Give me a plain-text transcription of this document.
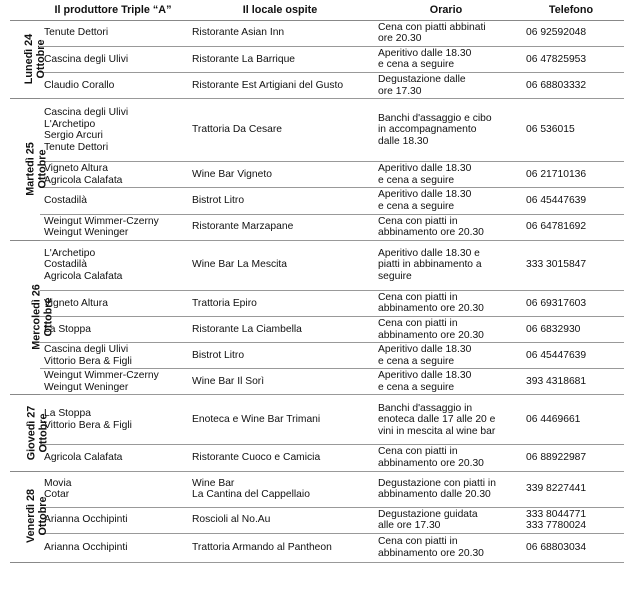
	Il produttore Triple “A”	Il locale ospite	Orario	Telefono

Lunedì 24 Ottobre	Tenute Dettori	Ristorante Asian Inn	Cena con piatti abbinati
ore 20.30	06 92592048

	Cascina degli Ulivi	Ristorante La Barrique	Aperitivo dalle 18.30
e cena a seguire	06 47825953

	Claudio Corallo	Ristorante Est Artigiani del Gusto	Degustazione dalle
ore 17.30	06 68803332

Martedì 25 Ottobre	Cascina degli Ulivi
L'Archetipo
Sergio Arcuri
Tenute Dettori	Trattoria Da Cesare	Banchi d'assaggio e cibo
in accompagnamento
dalle 18.30	06 536015

	Vigneto Altura
Agricola Calafata	Wine Bar Vigneto	Aperitivo dalle 18.30
e cena a seguire	06 21710136

	Costadilà	Bistrot Litro	Aperitivo dalle 18.30
e cena a seguire	06 45447639

	Weingut Wimmer-Czerny
Weingut Weninger	Ristorante Marzapane	Cena con piatti in
abbinamento ore 20.30	06 64781692

Mercoledì 26 Ottobre	L'Archetipo
Costadilà
Agricola Calafata	Wine Bar La Mescita	Aperitivo dalle 18.30 e
piatti in abbinamento a
seguire	333 3015847

	Vigneto Altura	Trattoria Epiro	Cena con piatti in
abbinamento ore 20.30	06 69317603

	La Stoppa	Ristorante La Ciambella	Cena con piatti in
abbinamento ore 20.30	06 6832930

	Cascina degli Ulivi
Vittorio Bera & Figli	Bistrot Litro	Aperitivo dalle 18.30
e cena a seguire	06 45447639

	Weingut Wimmer-Czerny
Weingut Weninger	Wine Bar Il Sorì	Aperitivo dalle 18.30
e cena a seguire	393 4318681

Giovedì 27 Ottobre	La Stoppa
Vittorio Bera & Figli	Enoteca e Wine Bar Trimani	Banchi d'assaggio in
enoteca dalle 17 alle 20 e
vini in mescita al wine bar	06 4469661

	Agricola Calafata	Ristorante Cuoco e Camicia	Cena con piatti in
abbinamento ore 20.30	06 88922987

Venerdì 28 Ottobre	Movia
Cotar	Wine Bar
La Cantina del Cappellaio	Degustazione con piatti in
abbinamento dalle 20.30	339 8227441

	Arianna Occhipinti	Roscioli al No.Au	Degustazione guidata
alle ore 17.30	333 8044771
333 7780024

	Arianna Occhipinti	Trattoria Armando al Pantheon	Cena con piatti in
abbinamento ore 20.30	06 68803034
